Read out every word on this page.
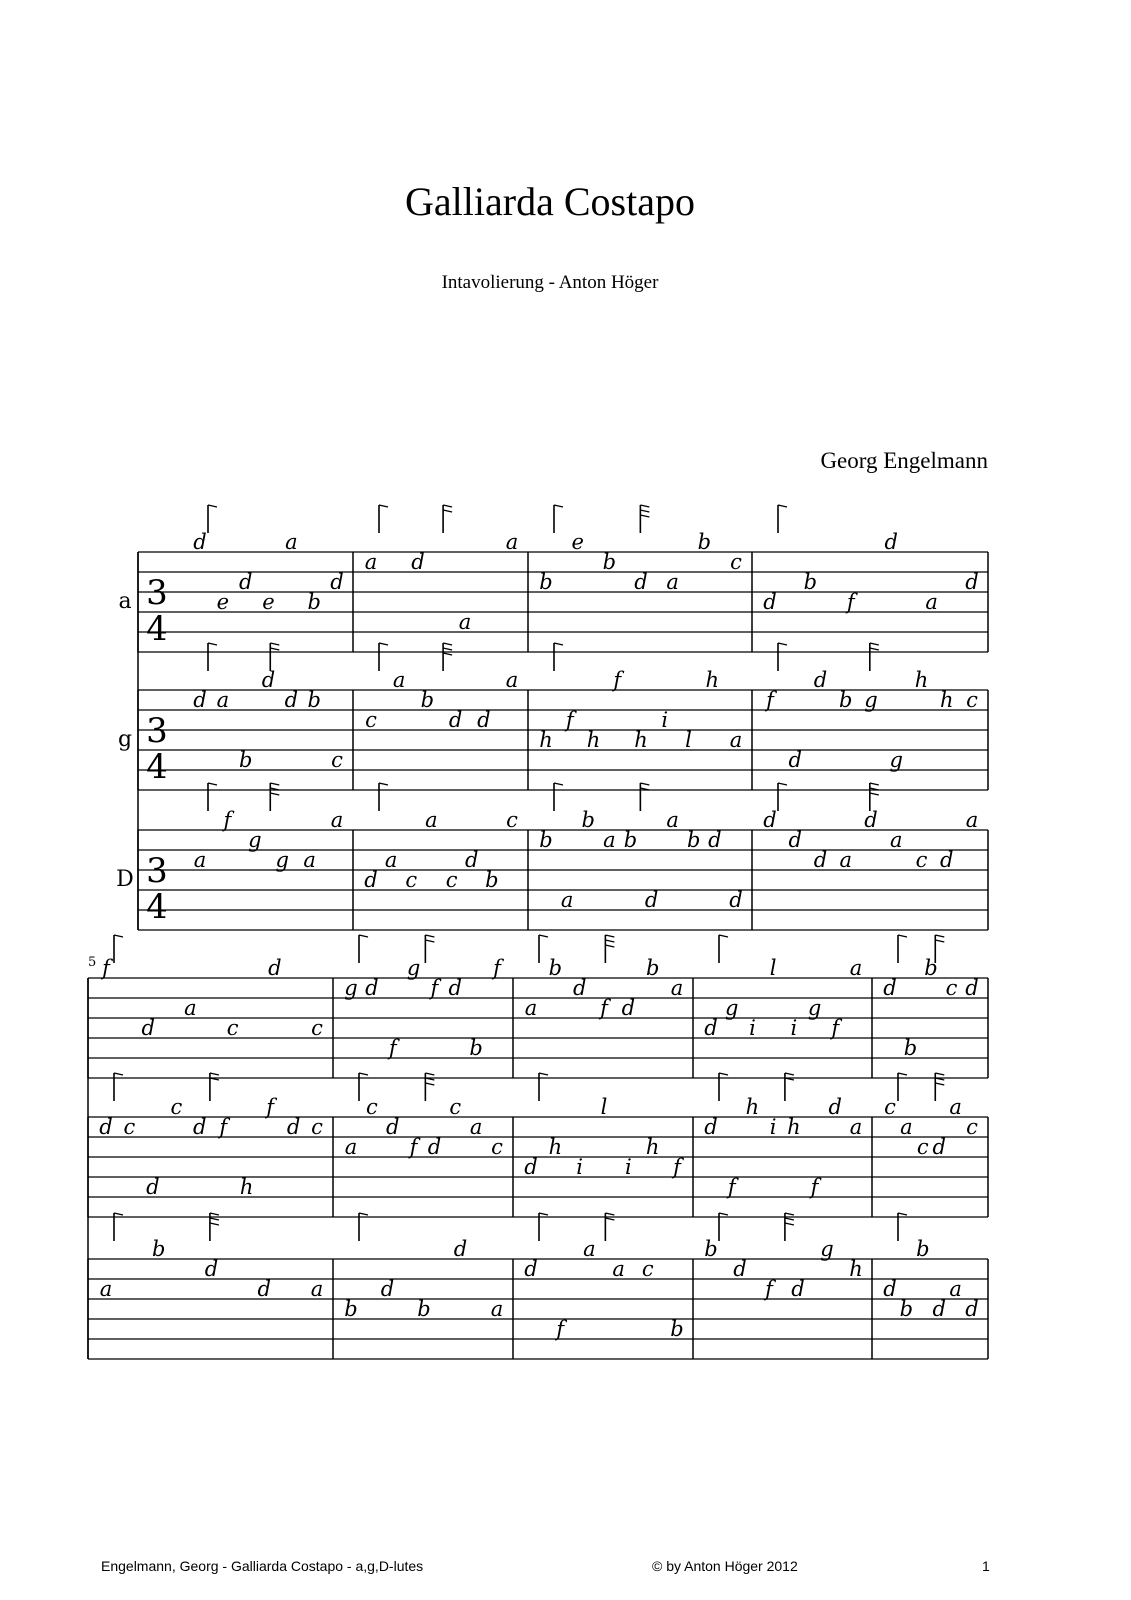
Galliarda Costapo
Intavolierung - Anton Höger
Georg Engelmann
3
4
a
d
e
d
e
a
b
d
a d
a
a
b
e
b
d a
b
c
d
b
f
d
a
d
3
4
g
d a
b
d
d b
c
c
a
b
d d
a
h
f
h
f
h
i
l
h
a
f
d
d
b g
g
h
h c
3
4
D
a
f
g
g a
a
d
a
c
a
c
d
b
c
b
a
b
a b
d
a
b d
d
d
d
d a
d
a
c d
a
5 f
d
a
c
d
c
g d
f
g
f d
b
f
a
b
d
f d
b
a
d
g
i
l
i
g
f
a
d
b
b
c d
d c
d
c
d f
h
f
d c
a
c
d
f d
c
a
c
d
h
i
l
i
h
f
d
f
h
i h
f
d
a
c
a
c d
a
c
a
b
d
d a
b
d
b
d
a
d
f
a
a c
b
b
d
f d
g
h
d
b
b
d
a
d
Engelmann, Georg - Galliarda Costapo - a,g,D-lutes	© by Anton Höger 2012	1
